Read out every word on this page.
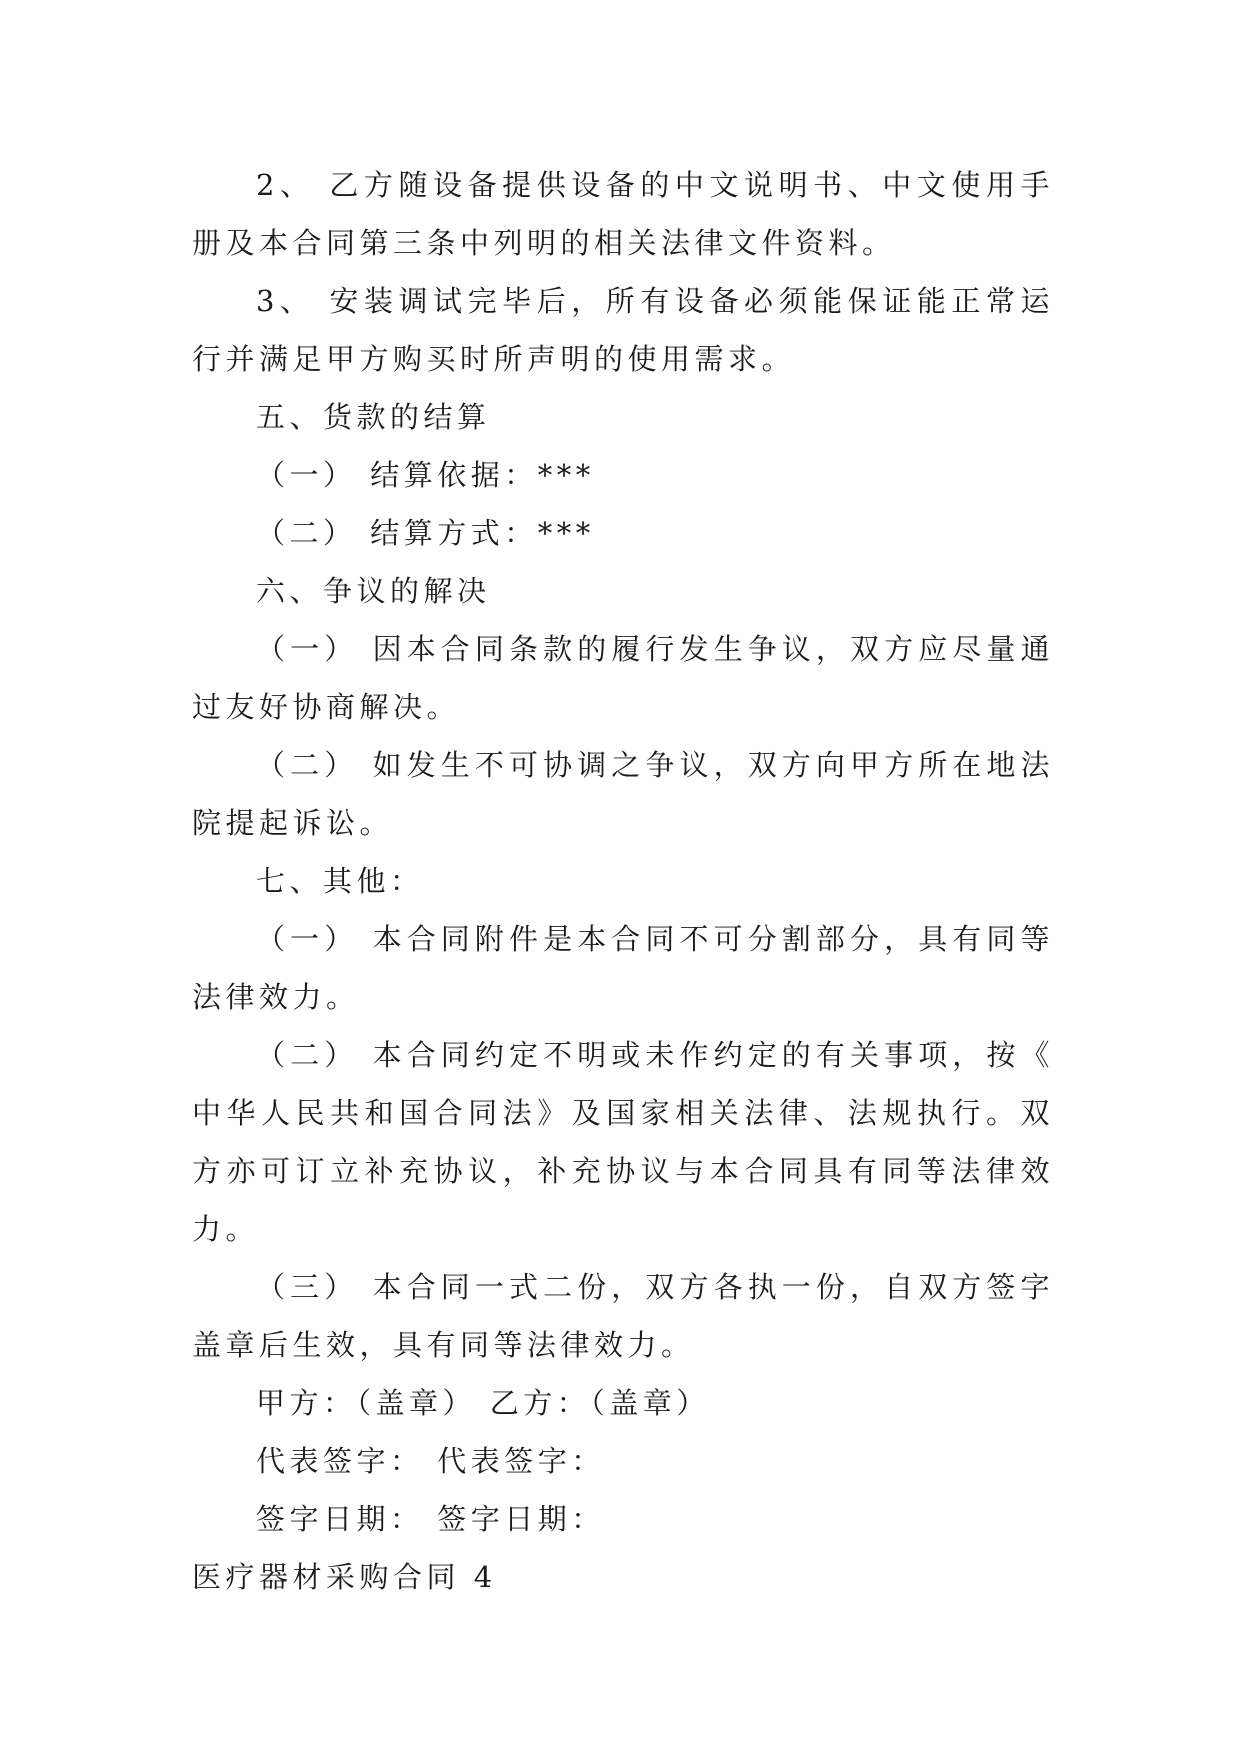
2、 乙方随设备提供设备的中文说明书、中文使用手册及本合同第三条中列明的相关法律文件资料。

3、 安装调试完毕后，所有设备必须能保证能正常运行并满足甲方购买时所声明的使用需求。

五、货款的结算

（一） 结算依据：***

（二） 结算方式：***

六、争议的解决

（一） 因本合同条款的履行发生争议，双方应尽量通过友好协商解决。

（二） 如发生不可协调之争议，双方向甲方所在地法院提起诉讼。

七、其他：

（一） 本合同附件是本合同不可分割部分，具有同等法律效力。

（二） 本合同约定不明或未作约定的有关事项，按《 中华人民共和国合同法》及国家相关法律、法规执行。双方亦可订立补充协议，补充协议与本合同具有同等法律效力。

（三） 本合同一式二份，双方各执一份，自双方签字盖章后生效，具有同等法律效力。

甲方：（盖章） 乙方：（盖章）

代表签字： 代表签字：

签字日期： 签字日期：

医疗器材采购合同 4
